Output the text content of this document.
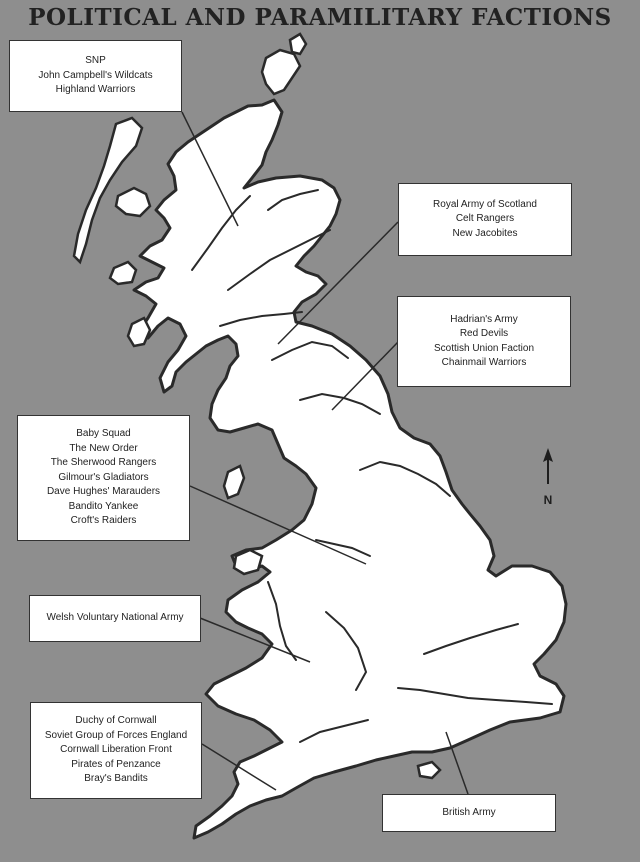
POLITICAL AND PARAMILITARY FACTIONS
N
SNP
John Campbell's Wildcats
Highland Warriors
Royal Army of Scotland
Celt Rangers
New Jacobites
Hadrian's Army
Red Devils
Scottish Union Faction
Chainmail Warriors
Baby Squad
The New Order
The Sherwood Rangers
Gilmour's Gladiators
Dave Hughes' Marauders
Bandito Yankee
Croft's Raiders
Welsh Voluntary National Army
Duchy of Cornwall
Soviet Group of Forces England
Cornwall Liberation Front
Pirates of Penzance
Bray's Bandits
British Army
